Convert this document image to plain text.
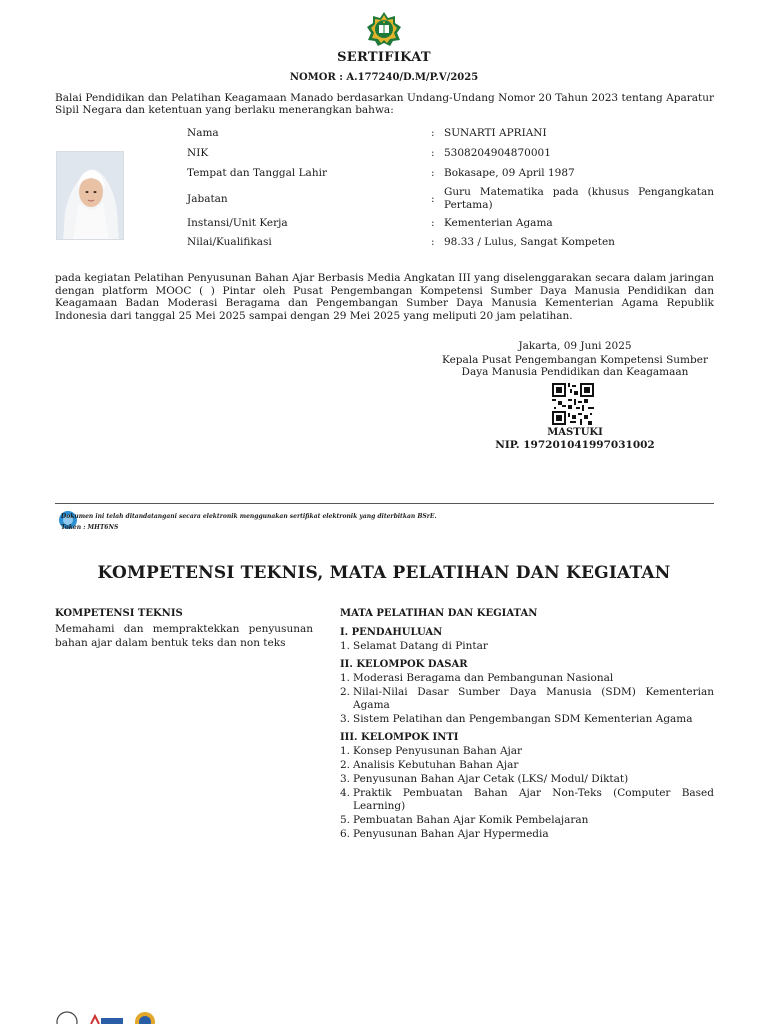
SERTIFIKAT
NOMOR : A.177240/D.M/P.V/2025
Balai Pendidikan dan Pelatihan Keagamaan Manado berdasarkan Undang-Undang Nomor 20 Tahun 2023 tentang Aparatur Sipil Negara dan ketentuan yang berlaku menerangkan bahwa:
Nama	: SUNARTI APRIANI
NIK	: 5308204904870001
Tempat dan Tanggal Lahir	: Bokasape, 09 April 1987
Jabatan	:
Guru Matematika pada (khusus Pengangkatan Pertama)
Instansi/Unit Kerja	: Kementerian Agama
Nilai/Kualifikasi	: 98.33 / Lulus, Sangat Kompeten
pada kegiatan Pelatihan Penyusunan Bahan Ajar Berbasis Media Angkatan III yang diselenggarakan secara dalam jaringan dengan platform MOOC ( ) Pintar oleh Pusat Pengembangan Kompetensi Sumber Daya Manusia Pendidikan dan Keagamaan Badan Moderasi Beragama dan Pengembangan Sumber Daya Manusia Kementerian Agama Republik Indonesia dari tanggal 25 Mei 2025 sampai dengan 29 Mei 2025 yang meliputi 20 jam pelatihan.
Jakarta, 09 Juni 2025
Kepala Pusat Pengembangan Kompetensi Sumber
Daya Manusia Pendidikan dan Keagamaan
MASTUKI
NIP. 197201041997031002
Dokumen ini telah ditandatangani secara elektronik menggunakan sertifikat elektronik yang diterbitkan BSrE.
Token : MHT6NS
KOMPETENSI TEKNIS, MATA PELATIHAN DAN KEGIATAN
KOMPETENSI TEKNIS
Memahami dan mempraktekkan penyusunan bahan ajar dalam bentuk teks dan non teks
MATA PELATIHAN DAN KEGIATAN
I. PENDAHULUAN
1. Selamat Datang di Pintar
II. KELOMPOK DASAR
1. Moderasi Beragama dan Pembangunan Nasional
2. Nilai-Nilai Dasar Sumber Daya Manusia (SDM) Kementerian Agama
3. Sistem Pelatihan dan Pengembangan SDM Kementerian Agama
III. KELOMPOK INTI
1. Konsep Penyusunan Bahan Ajar
2. Analisis Kebutuhan Bahan Ajar
3. Penyusunan Bahan Ajar Cetak (LKS/ Modul/ Diktat)
4. Praktik Pembuatan Bahan Ajar Non-Teks (Computer Based Learning)
5. Pembuatan Bahan Ajar Komik Pembelajaran
6. Penyusunan Bahan Ajar Hypermedia
